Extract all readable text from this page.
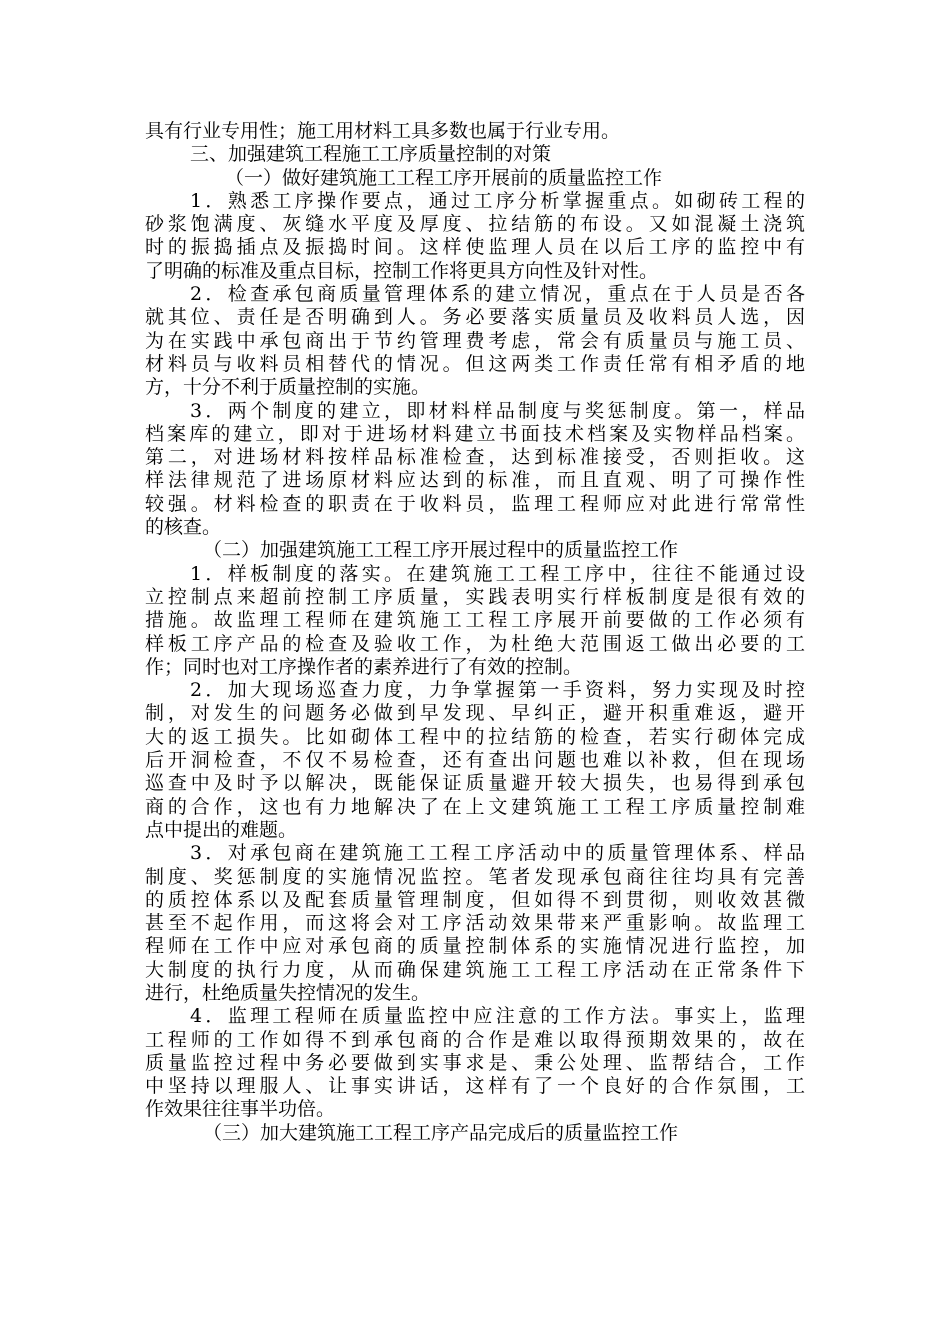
具有行业专用性；施工用材料工具多数也属于行业专用。
三、加强建筑工程施工工序质量控制的对策
（一）做好建筑施工工程工序开展前的质量监控工作
1．熟悉工序操作要点，通过工序分析掌握重点。如砌砖工程的
砂浆饱满度、灰缝水平度及厚度、拉结筋的布设。又如混凝土浇筑
时的振捣插点及振捣时间。这样使监理人员在以后工序的监控中有
了明确的标准及重点目标，控制工作将更具方向性及针对性。
2．检查承包商质量管理体系的建立情况，重点在于人员是否各
就其位、责任是否明确到人。务必要落实质量员及收料员人选，因
为在实践中承包商出于节约管理费考虑，常会有质量员与施工员、
材料员与收料员相替代的情况。但这两类工作责任常有相矛盾的地
方，十分不利于质量控制的实施。
3．两个制度的建立，即材料样品制度与奖惩制度。第一，样品
档案库的建立，即对于进场材料建立书面技术档案及实物样品档案。
第二，对进场材料按样品标准检查，达到标准接受，否则拒收。这
样法律规范了进场原材料应达到的标准，而且直观、明了可操作性
较强。材料检查的职责在于收料员，监理工程师应对此进行常常性
的核查。
（二）加强建筑施工工程工序开展过程中的质量监控工作
1．样板制度的落实。在建筑施工工程工序中，往往不能通过设
立控制点来超前控制工序质量，实践表明实行样板制度是很有效的
措施。故监理工程师在建筑施工工程工序展开前要做的工作必须有
样板工序产品的检查及验收工作，为杜绝大范围返工做出必要的工
作；同时也对工序操作者的素养进行了有效的控制。
2．加大现场巡查力度，力争掌握第一手资料，努力实现及时控
制，对发生的问题务必做到早发现、早纠正，避开积重难返，避开
大的返工损失。比如砌体工程中的拉结筋的检查，若实行砌体完成
后开洞检查，不仅不易检查，还有查出问题也难以补救，但在现场
巡查中及时予以解决，既能保证质量避开较大损失，也易得到承包
商的合作，这也有力地解决了在上文建筑施工工程工序质量控制难
点中提出的难题。
3．对承包商在建筑施工工程工序活动中的质量管理体系、样品
制度、奖惩制度的实施情况监控。笔者发现承包商往往均具有完善
的质控体系以及配套质量管理制度，但如得不到贯彻，则收效甚微
甚至不起作用，而这将会对工序活动效果带来严重影响。故监理工
程师在工作中应对承包商的质量控制体系的实施情况进行监控，加
大制度的执行力度，从而确保建筑施工工程工序活动在正常条件下
进行，杜绝质量失控情况的发生。
4．监理工程师在质量监控中应注意的工作方法。事实上，监理
工程师的工作如得不到承包商的合作是难以取得预期效果的，故在
质量监控过程中务必要做到实事求是、秉公处理、监帮结合，工作
中坚持以理服人、让事实讲话，这样有了一个良好的合作氛围，工
作效果往往事半功倍。
（三）加大建筑施工工程工序产品完成后的质量监控工作
